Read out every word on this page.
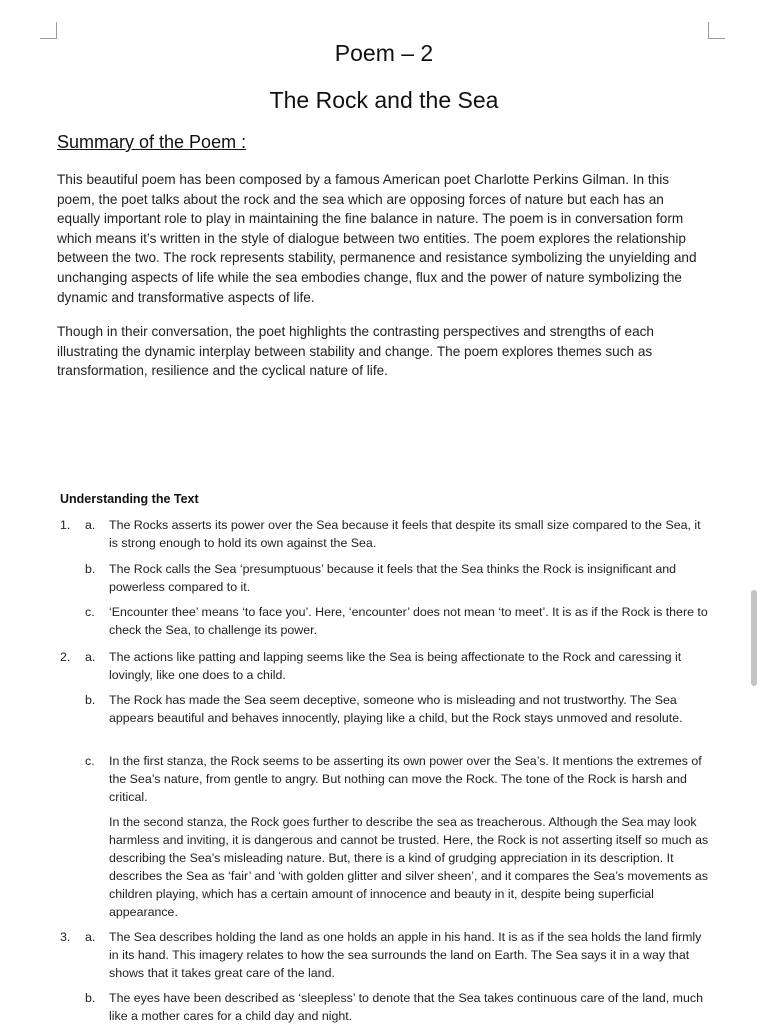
Poem – 2
The Rock and the Sea
Summary of the Poem :

This beautiful poem has been composed by a famous American poet Charlotte Perkins Gilman. In this poem, the poet talks about the rock and the sea which are opposing forces of nature but each has an equally important role to play in maintaining the fine balance in nature. The poem is in conversation form which means it’s written in the style of dialogue between two entities. The poem explores the relationship between the two. The rock represents stability, permanence and resistance symbolizing the unyielding and unchanging aspects of life while the sea embodies change, flux and the power of nature symbolizing the dynamic and transformative aspects of life.

Though in their conversation, the poet highlights the contrasting perspectives and strengths of each illustrating the dynamic interplay between stability and change. The poem explores themes such as transformation, resilience and the cyclical nature of life.

Understanding the Text
1. a. The Rocks asserts its power over the Sea because it feels that despite its small size compared to the Sea, it is strong enough to hold its own against the Sea.
b. The Rock calls the Sea ‘presumptuous’ because it feels that the Sea thinks the Rock is insignificant and powerless compared to it.
c. ‘Encounter thee’ means ‘to face you’. Here, ‘encounter’ does not mean ‘to meet’. It is as if the Rock is there to check the Sea, to challenge its power.
2. a. The actions like patting and lapping seems like the Sea is being affectionate to the Rock and caressing it lovingly, like one does to a child.
b. The Rock has made the Sea seem deceptive, someone who is misleading and not trustworthy. The Sea appears beautiful and behaves innocently, playing like a child, but the Rock stays unmoved and resolute.
c. In the first stanza, the Rock seems to be asserting its own power over the Sea’s. It mentions the extremes of the Sea’s nature, from gentle to angry. But nothing can move the Rock. The tone of the Rock is harsh and critical.
In the second stanza, the Rock goes further to describe the sea as treacherous. Although the Sea may look harmless and inviting, it is dangerous and cannot be trusted. Here, the Rock is not asserting itself so much as describing the Sea’s misleading nature. But, there is a kind of grudging appreciation in its description. It describes the Sea as ‘fair’ and ‘with golden glitter and silver sheen’, and it compares the Sea’s movements as children playing, which has a certain amount of innocence and beauty in it, despite being superficial appearance.
3. a. The Sea describes holding the land as one holds an apple in his hand. It is as if the sea holds the land firmly in its hand. This imagery relates to how the sea surrounds the land on Earth. The Sea says it in a way that shows that it takes great care of the land.
b. The eyes have been described as ‘sleepless’ to denote that the Sea takes continuous care of the land, much like a mother cares for a child day and night.
